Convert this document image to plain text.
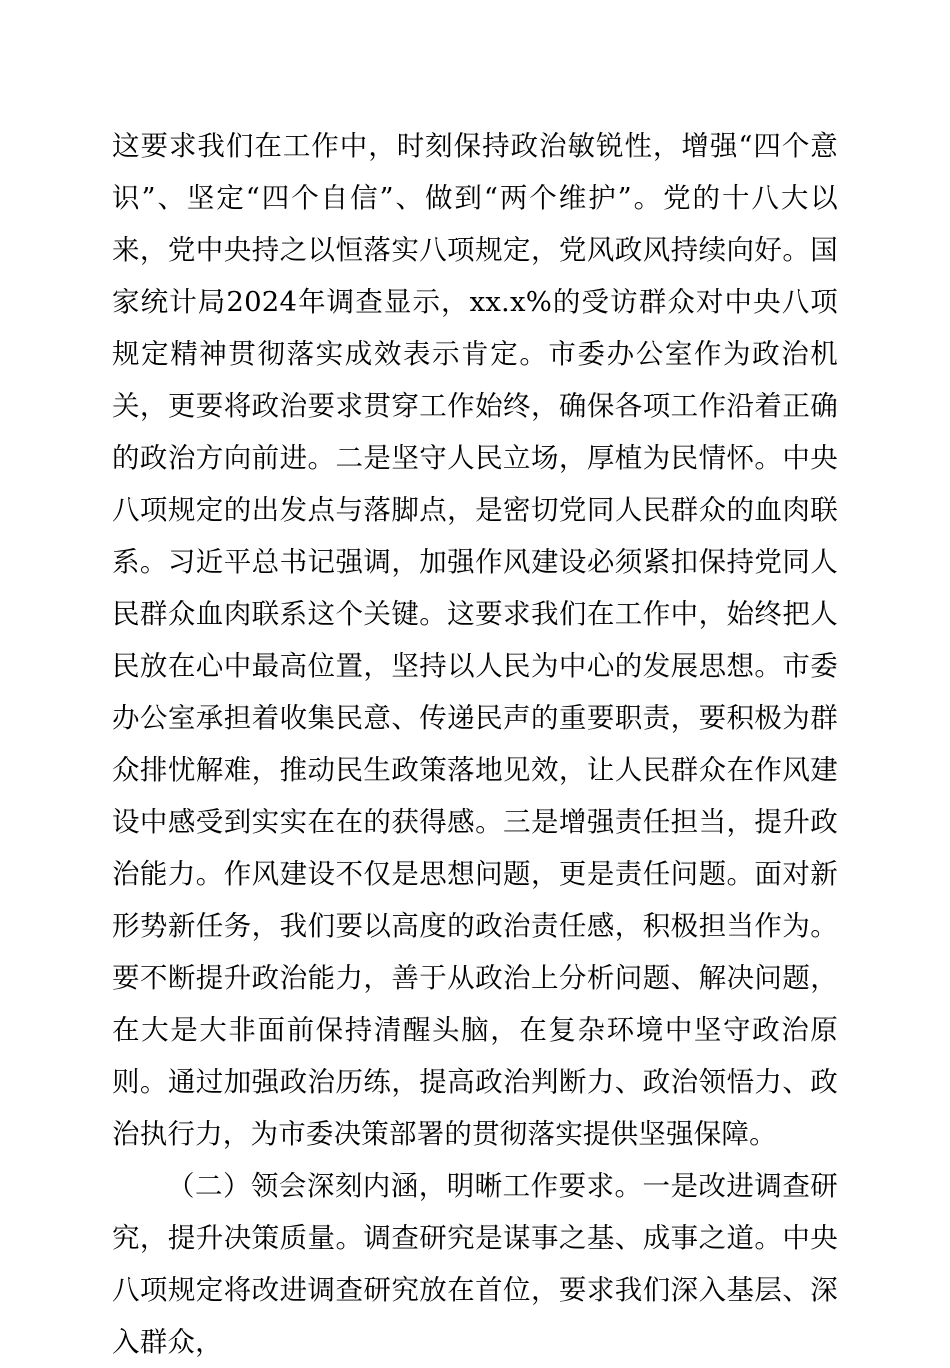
这要求我们在工作中，时刻保持政治敏锐性，增强“四个意识”、坚定“四个自信”、做到“两个维护”。党的十八大以来，党中央持之以恒落实八项规定，党风政风持续向好。国家统计局2024年调查显示，xx.x%的受访群众对中央八项规定精神贯彻落实成效表示肯定。市委办公室作为政治机关，更要将政治要求贯穿工作始终，确保各项工作沿着正确的政治方向前进。二是坚守人民立场，厚植为民情怀。中央八项规定的出发点与落脚点，是密切党同人民群众的血肉联系。习近平总书记强调，加强作风建设必须紧扣保持党同人民群众血肉联系这个关键。这要求我们在工作中，始终把人民放在心中最高位置，坚持以人民为中心的发展思想。市委办公室承担着收集民意、传递民声的重要职责，要积极为群众排忧解难，推动民生政策落地见效，让人民群众在作风建设中感受到实实在在的获得感。三是增强责任担当，提升政治能力。作风建设不仅是思想问题，更是责任问题。面对新形势新任务，我们要以高度的政治责任感，积极担当作为。要不断提升政治能力，善于从政治上分析问题、解决问题，在大是大非面前保持清醒头脑，在复杂环境中坚守政治原则。通过加强政治历练，提高政治判断力、政治领悟力、政治执行力，为市委决策部署的贯彻落实提供坚强保障。

（二）领会深刻内涵，明晰工作要求。一是改进调查研究，提升决策质量。调查研究是谋事之基、成事之道。中央八项规定将改进调查研究放在首位，要求我们深入基层、深入群众，
